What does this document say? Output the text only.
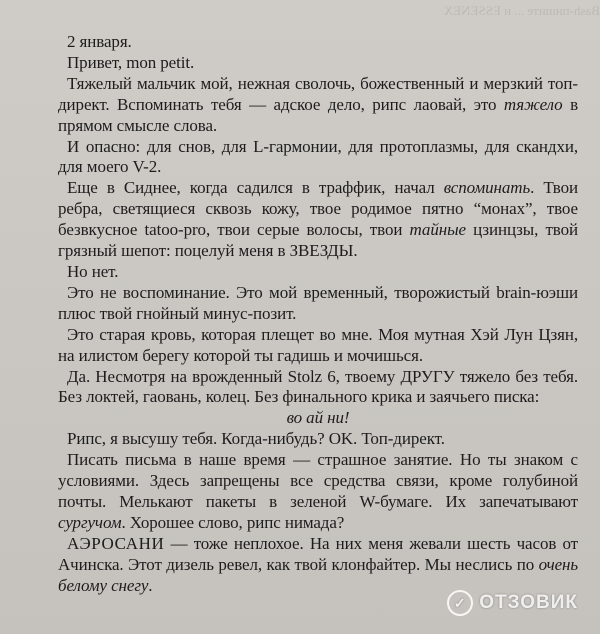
Bash-пишите ... и ESSENEX

2 января.

Привет, mon petit.

Тяжелый мальчик мой, нежная сволочь, божественный и мерзкий топ-директ. Вспоминать тебя — адское дело, рипс лаовай, это тяжело в прямом смысле слова.

И опасно: для снов, для L-гармонии, для протоплазмы, для скандхи, для моего V-2.

Еще в Сиднее, когда садился в траффик, начал вспоминать. Твои ребра, светящиеся сквозь кожу, твое родимое пятно “монах”, твое безвкусное tatoo-pro, твои серые волосы, твои тайные цзинцзы, твой грязный шепот: поцелуй меня в ЗВЕЗДЫ.

Но нет.

Это не воспоминание. Это мой временный, творожистый brain-юэши плюс твой гнойный минус-позит.

Это старая кровь, которая плещет во мне. Моя мутная Хэй Лун Цзян, на илистом берегу которой ты гадишь и мочишься.

Да. Несмотря на врожденный Stolz 6, твоему ДРУГУ тяжело без тебя. Без локтей, гаовань, колец. Без финального крика и заячьего писка:

во ай ни!

Рипс, я высушу тебя. Когда-нибудь? OK. Топ-директ.

Писать письма в наше время — страшное занятие. Но ты знаком с условиями. Здесь запрещены все средства связи, кроме голубиной почты. Мелькают пакеты в зеленой W-бумаге. Их запечатывают сургучом. Хорошее слово, рипс нимада?

АЭРОСАНИ — тоже неплохое. На них меня жевали шесть часов от Ачинска. Этот дизель ревел, как твой клонфайтер. Мы неслись по очень белому снегу.

✓ ОТЗОВИК
